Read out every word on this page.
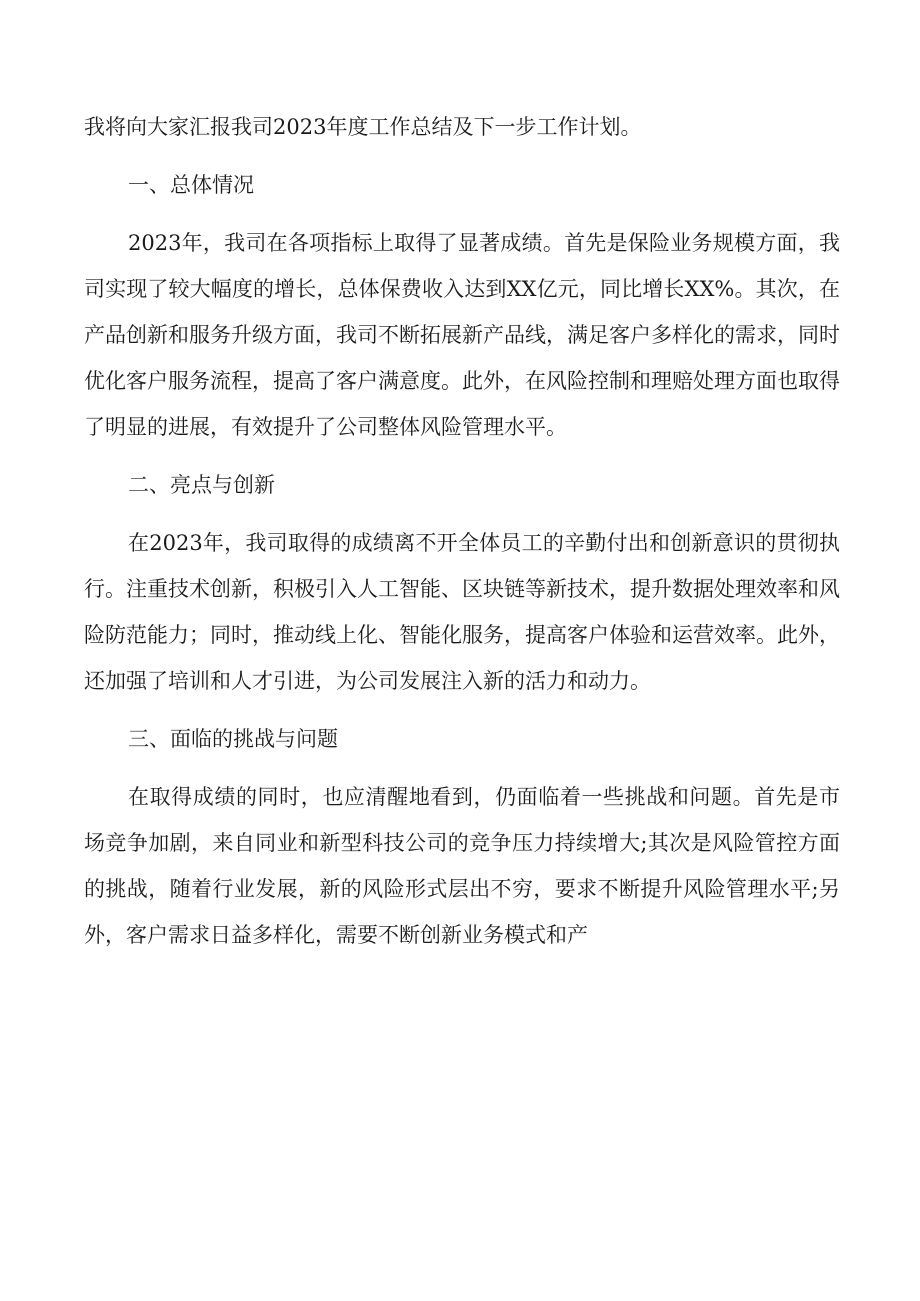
我将向大家汇报我司2023年度工作总结及下一步工作计划。

一、总体情况

2023年，我司在各项指标上取得了显著成绩。首先是保险业务规模方面，我司实现了较大幅度的增长，总体保费收入达到XX亿元，同比增长XX%。其次，在产品创新和服务升级方面，我司不断拓展新产品线，满足客户多样化的需求，同时优化客户服务流程，提高了客户满意度。此外，在风险控制和理赔处理方面也取得了明显的进展，有效提升了公司整体风险管理水平。

二、亮点与创新

在2023年，我司取得的成绩离不开全体员工的辛勤付出和创新意识的贯彻执行。注重技术创新，积极引入人工智能、区块链等新技术，提升数据处理效率和风险防范能力；同时，推动线上化、智能化服务，提高客户体验和运营效率。此外，还加强了培训和人才引进，为公司发展注入新的活力和动力。

三、面临的挑战与问题

在取得成绩的同时，也应清醒地看到，仍面临着一些挑战和问题。首先是市场竞争加剧，来自同业和新型科技公司的竞争压力持续增大;其次是风险管控方面的挑战，随着行业发展，新的风险形式层出不穷，要求不断提升风险管理水平;另外，客户需求日益多样化，需要不断创新业务模式和产
